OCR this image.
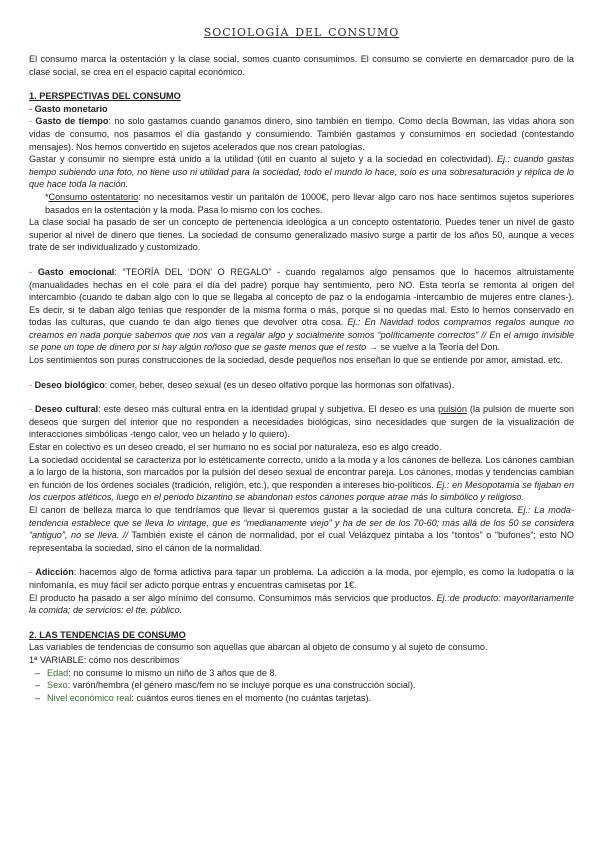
sociología del consumo

El consumo marca la ostentación y la clase social, somos cuanto consumimos. El consumo se convierte en demarcador puro de la clase social, se crea en el espacio capital económico.

1. PERSPECTIVAS DEL CONSUMO
- Gasto monetario

- Gasto de tiempo: no solo gastamos cuando ganamos dinero, sino también en tiempo. Como decía Bowman, las vidas ahora son vidas de consumo, nos pasamos el día gastando y consumiendo. También gastamos y consumimos en sociedad (contestando mensajes). Nos hemos convertido en sujetos acelerados que nos crean patologías.

Gastar y consumir no siempre está unido a la utilidad (útil en cuanto al sujeto y a la sociedad en colectividad). Ej.: cuando gastas tiempo subiendo una foto, no tiene uso ni utilidad para la sociedad, todo el mundo lo hace, solo es una sobresaturación y réplica de lo que hace toda la nación.

*Consumo ostentatorio: no necesitamos vestir un pantalón de 1000€, pero llevar algo caro nos hace sentimos sujetos superiores basados en la ostentación y la moda. Pasa lo mismo con los coches.

La clase social ha pasado de ser un concepto de pertenencia ideológica a un concepto ostentatorio. Puedes tener un nivel de gasto superior al nivel de dinero que tienes. La sociedad de consumo generalizado masivo surge a partir de los años 50, aunque a veces trate de ser individualizado y customizado.

- Gasto emocional: “TEORÍA DEL ‘DON’ O REGALO” - cuando regalamos algo pensamos que lo hacemos altruistamente (manualidades hechas en el cole para el día del padre) porque hay sentimiento, pero NO. Esta teoría se remonta al origen del intercambio (cuando te daban algo con lo que se llegaba al concepto de paz o la endogamia -intercambio de mujeres entre clanes-). Es decir, si te daban algo tenías que responder de la misma forma o más, porque si no quedas mal. Esto lo hemos conservado en todas las culturas, que cuando te dan algo tienes que devolver otra cosa. Ej.: En Navidad todos compramos regalos aunque no creamos en nada porque sabemos que nos van a regalar algo y socialmente somos “políticamente correctos” // En el amigo invisible se pone un tope de dinero por si hay algún roñoso que se gaste menos que el resto → se vuelve a la Teoría del Don.

Los sentimientos son puras construcciones de la sociedad, desde pequeños nos enseñan lo que se entiende por amor, amistad. etc.

- Deseo biológico: comer, beber, deseo sexual (es un deseo olfativo porque las hormonas son olfativas).

- Deseo cultural: este deseo más cultural entra en la identidad grupal y subjetiva. El deseo es una pulsión (la pulsión de muerte son deseos que surgen del interior que no responden a necesidades biológicas, sino necesidades que surgen de la visualización de interacciones simbólicas -tengo calor, veo un helado y lo quiero).

Estar en colectivo es un deseo creado, el ser humano no es social por naturaleza, eso es algo creado.

La sociedad occidental se caracteriza por lo estéticamente correcto, unido a la moda y a los cánones de belleza. Los cánones cambian a lo largo de la historia, son marcados por la pulsión del deseo sexual de encontrar pareja. Los cánones, modas y tendencias cambian en función de los órdenes sociales (tradición, religión, etc.), que responden a intereses bio-políticos. Ej.: en Mesopotamia se fijaban en los cuerpos atléticos, luego en el periodo bizantino se abandonan estos cánones porque atrae más lo simbólico y religioso.

El canon de belleza marca lo que tendríamos que llevar si queremos gustar a la sociedad de una cultura concreta. Ej.: La moda-tendencia establece que se lleva lo vintage, que es “medianamente viejo” y ha de ser de los 70-60; más allá de los 50 se considera “antiguo”, no se lleva. // También existe el cánon de normalidad, por el cual Velázquez pintaba a los “tontos” o “bufones”; esto NO representaba la sociedad, sino el cánon de la normalidad.

- Adicción: hacemos algo de forma adictiva para tapar un problema. La adicción a la moda, por ejemplo, es como la ludopatía o la ninfomanía, es muy fácil ser adicto porque entras y encuentras camisetas por 1€.

El producto ha pasado a ser algo mínimo del consumo. Consumimos más servicios que productos. Ej.:de producto: mayoritariamente la comida; de servicios: el tte. público.

2. LAS TENDENCIAS DE CONSUMO

Las variables de tendencias de consumo son aquellas que abarcan al objeto de consumo y al sujeto de consumo.

1ª VARIABLE: cómo nos describimos

– Edad: no consume lo mismo un niño de 3 años que de 8.
– Sexo: varón/hembra (el género masc/fem no se incluye porque es una construcción social).
– Nivel económico real: cuántos euros tienes en el momento (no cuántas tarjetas).
